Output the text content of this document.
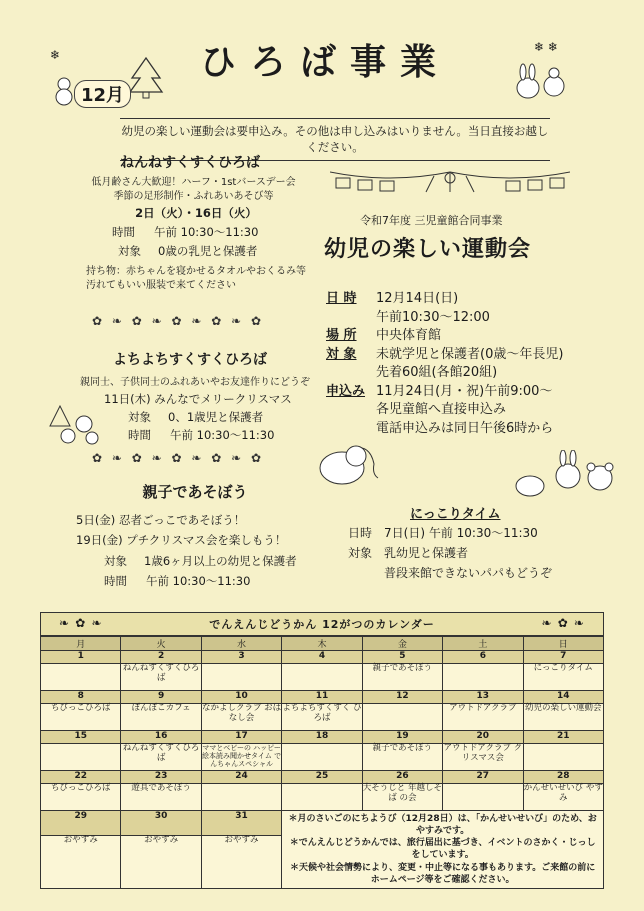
❄
12月
ひろば事業	❄ ❄
幼児の楽しい運動会は要申込み。その他は申し込みはいりません。当日直接お越しください。
ねんねすくすくひろば
低月齢さん大歓迎！ハーフ・1stバースデー会
季節の足形制作・ふれあいあそび等
2日（火）・16日（火）
時間 午前 10:30～11:30
対象 0歳の乳児と保護者
持ち物：赤ちゃんを寝かせるタオルやおくるみ等
汚れてもいい服装で来てください
✿ ❧ ✿ ❧ ✿ ❧ ✿ ❧ ✿
よちよちすくすくひろば
親同士、子供同士のふれあいやお友達作りにどうぞ
11日(木) みんなでメリークリスマス
対象 0、1歳児と保護者
時間 午前 10:30～11:30
✿ ❧ ✿ ❧ ✿ ❧ ✿ ❧ ✿
親子であそぼう
5日(金) 忍者ごっこであそぼう！
19日(金) プチクリスマス会を楽しもう！
対象 1歳6ヶ月以上の幼児と保護者
時間 午前 10:30～11:30
令和7年度 三児童館合同事業
幼児の楽しい運動会
日 時 12月14日(日)
午前10:30～12:00
場 所 中央体育館
対 象 未就学児と保護者(0歳～年長児)
先着60組(各館20組)
申込み 11月24日(月・祝)午前9:00～
各児童館へ直接申込み
電話申込みは同日午後6時から
にっこりタイム
日時 7日(日) 午前 10:30～11:30
対象 乳幼児と保護者
普段来館できないパパもどうぞ
❧ ✿ ❧	でんえんじどうかん 12がつのカレンダー	❧ ✿ ❧
月	火	水	木	金	土	日
1	2	3	4	5	6	7
	ねんねすくすくひろば			親子であそぼう		にっこりタイム
8	9	10	11	12	13	14
ちびっこひろば	ぽんぽこカフェ	なかよしクラブ おはなし会	よちよちすくすく ひろば		アウトドアクラブ	幼児の楽しい運動会
15	16	17	18	19	20	21
	ねんねすくすくひろば	ママとベビーの ハッピー絵本読み聞かせタイム でんちゃんスペシャル		親子であそぼう	アウトドアクラブ クリスマス会	
22	23	24	25	26	27	28
ちびっこひろば	遊具であそぼう			大そうじと 年越しそば の会		かんせいせいび やすみ
29	30	31	＊月のさいごのにちようび（12月28日）は、「かんせいせいび」のため、おやすみです。
＊でんえんじどうかんでは、旅行届出に基づき、イベントのさかく・じっしをしています。
＊天候や社会情勢により、変更・中止等になる事もあります。ご来館の前にホームページ等をご確認ください。			

おやすみ	おやすみ	おやすみ				
